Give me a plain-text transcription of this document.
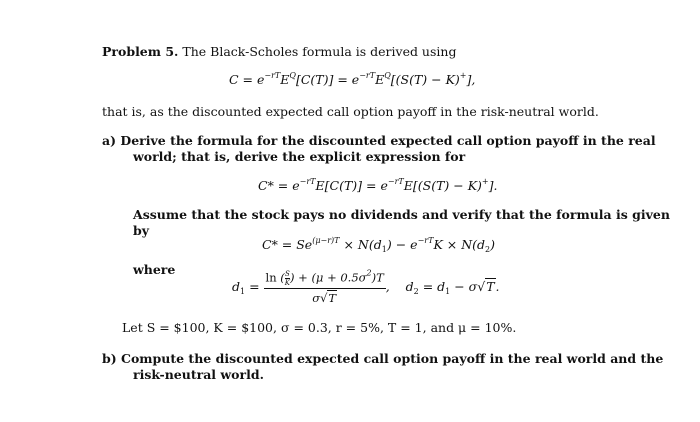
Problem 5. The Black-Scholes formula is derived using
$C = e^{-rT}E^Q[C(T)] = e^{-rT}E^Q[(S(T) - K)^+]$,
that is, as the discounted expected call option payoff in the risk-neutral world.
a) Derive the formula for the discounted expected call option payoff in the real
world; that is, derive the explicit expression for
$C* = e^{-rT}E[C(T)] = e^{-rT}E[(S(T) - K)^+]$.
Assume that the stock pays no dividends and verify that the formula is given
by
$C* = Se^{(\mu-r)T} \times N(d_1) - e^{-rT}K \times N(d_2)$
where
$d_1 = \frac{\ln ( \frac{S}{K} ) + (\mu + 0.5\sigma^2)T}{\sigma√T}$ ,    $d_2 = d_1 - \sigma√T$.
Let S = $100, K = $100, σ = 0.3, r = 5%, T = 1, and μ = 10%.
b) Compute the discounted expected call option payoff in the real world and the
risk-neutral world.
